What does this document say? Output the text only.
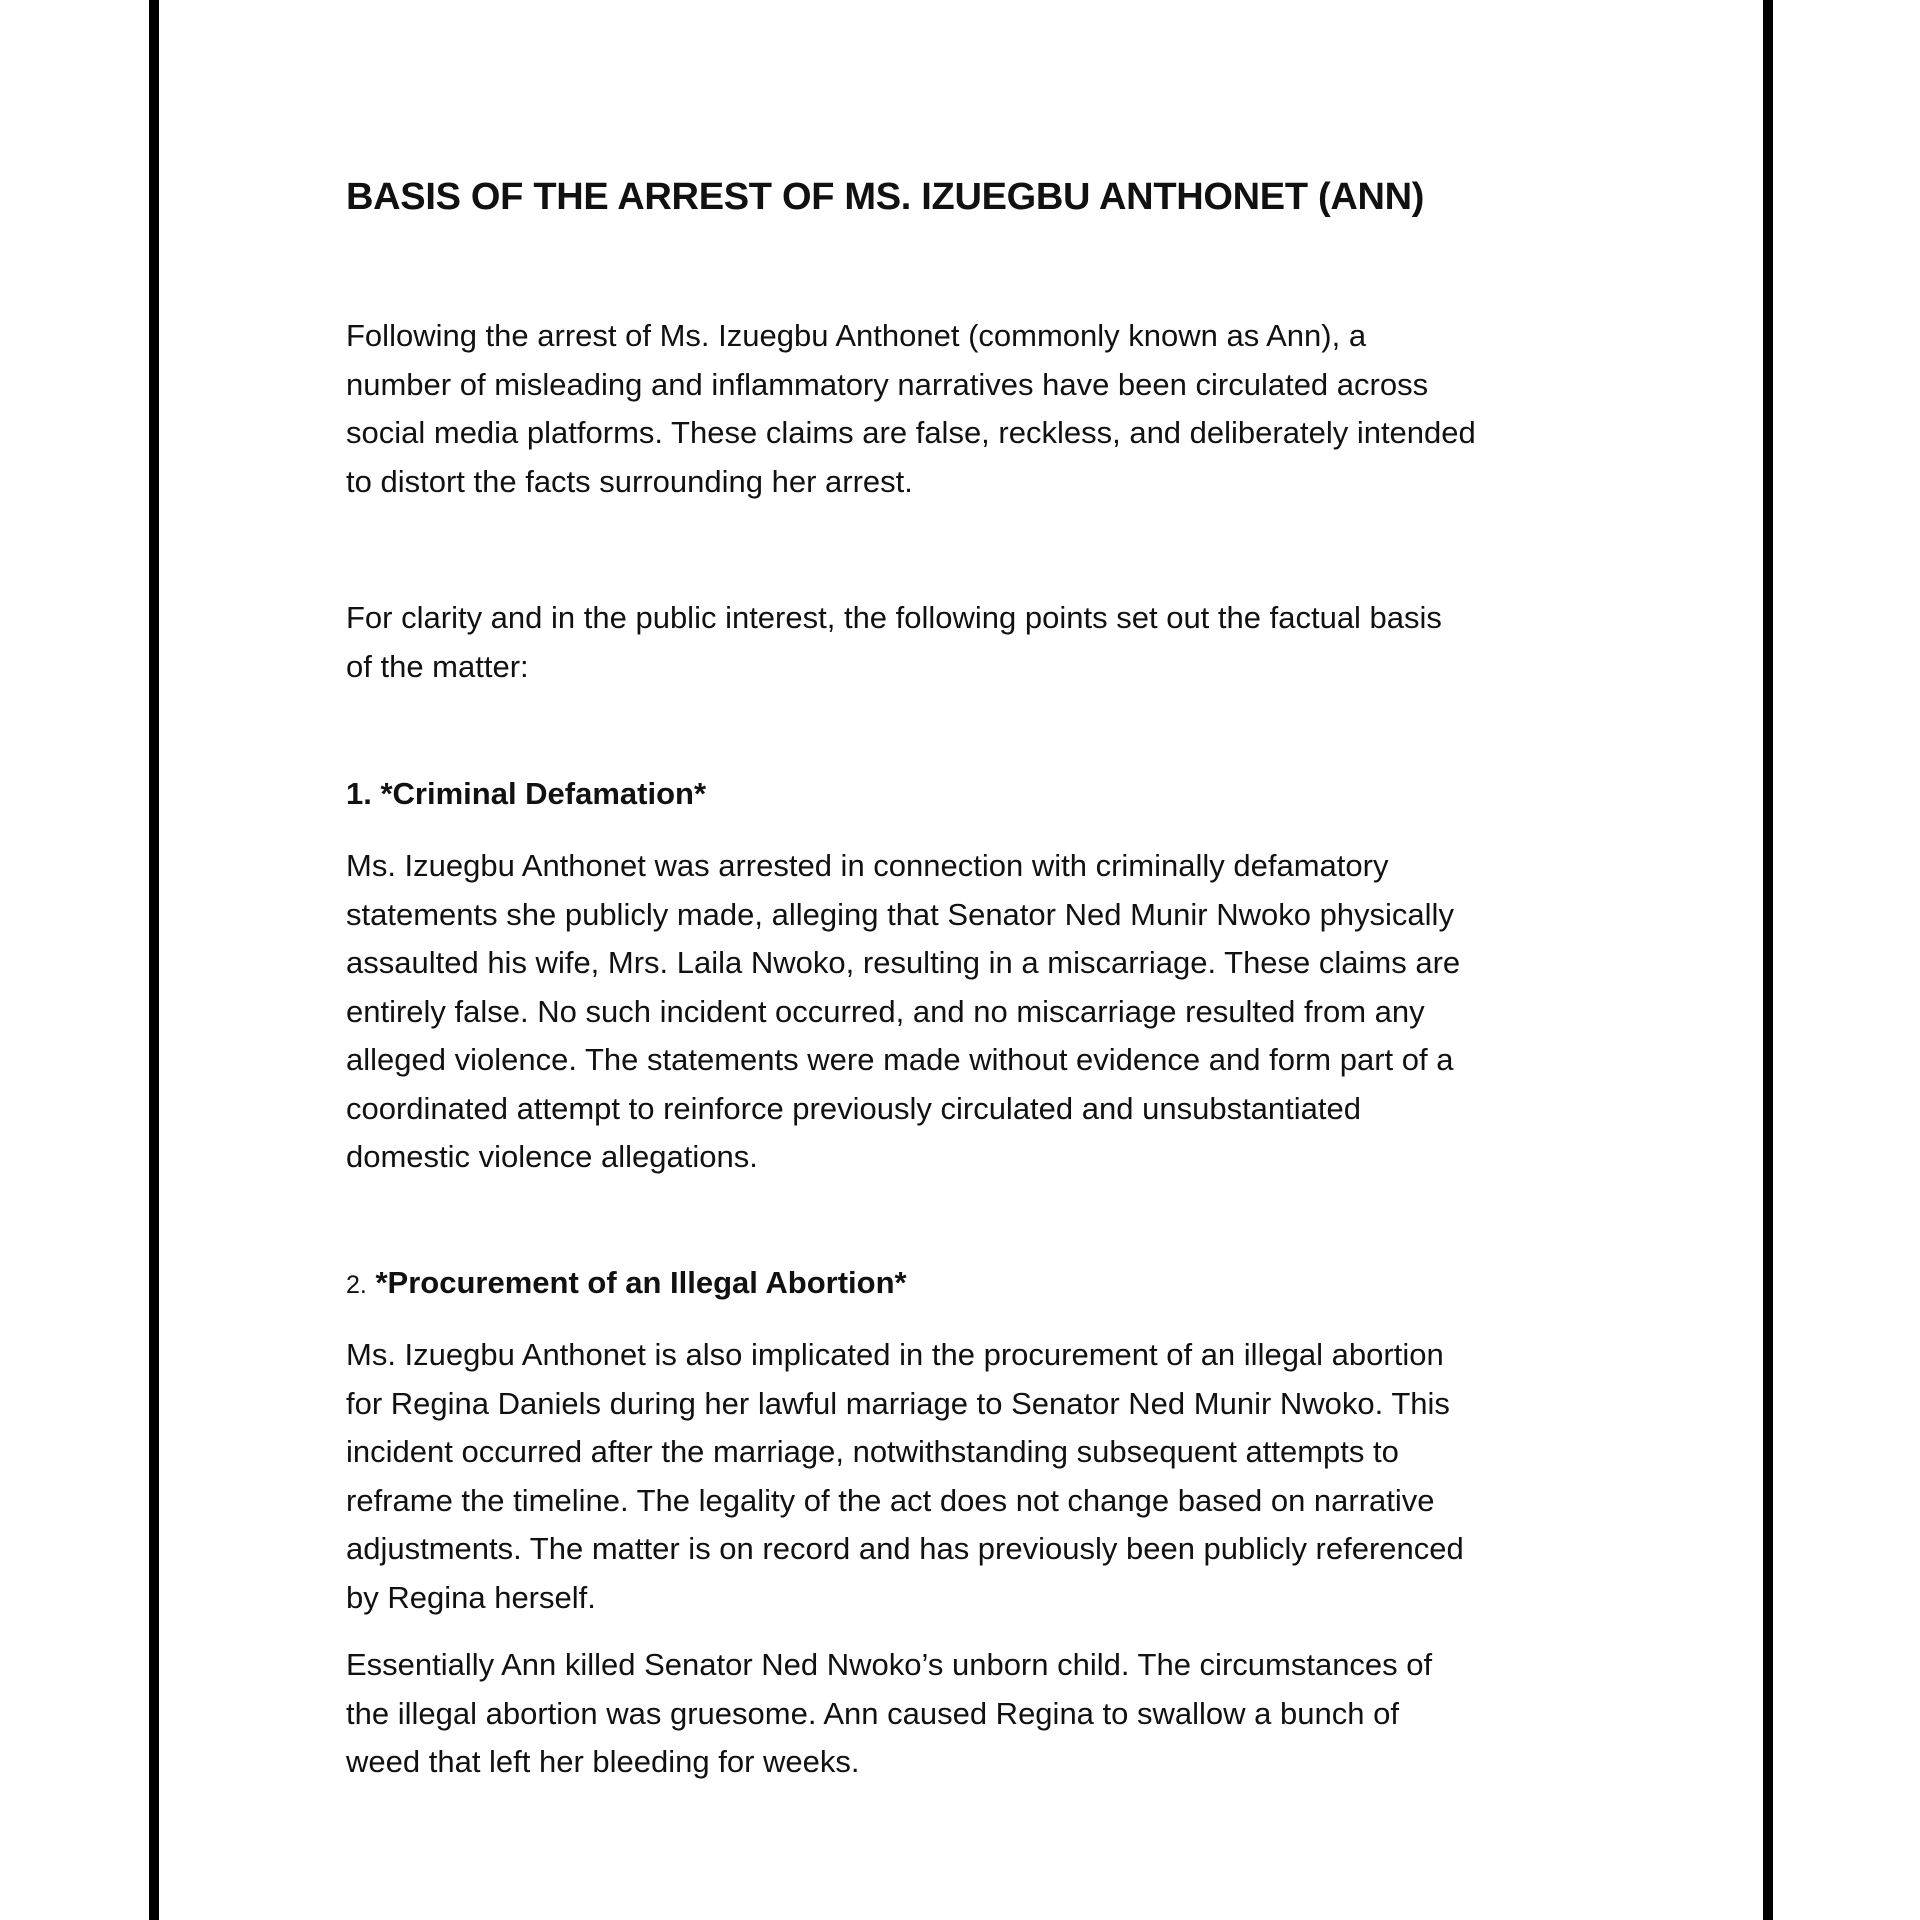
BASIS OF THE ARREST OF MS. IZUEGBU ANTHONET (ANN)

Following the arrest of Ms. Izuegbu Anthonet (commonly known as Ann), a
number of misleading and inflammatory narratives have been circulated across
social media platforms. These claims are false, reckless, and deliberately intended
to distort the facts surrounding her arrest.

For clarity and in the public interest, the following points set out the factual basis
of the matter:

1. *Criminal Defamation*

Ms. Izuegbu Anthonet was arrested in connection with criminally defamatory
statements she publicly made, alleging that Senator Ned Munir Nwoko physically
assaulted his wife, Mrs. Laila Nwoko, resulting in a miscarriage. These claims are
entirely false. No such incident occurred, and no miscarriage resulted from any
alleged violence. The statements were made without evidence and form part of a
coordinated attempt to reinforce previously circulated and unsubstantiated
domestic violence allegations.

2. *Procurement of an Illegal Abortion*

Ms. Izuegbu Anthonet is also implicated in the procurement of an illegal abortion
for Regina Daniels during her lawful marriage to Senator Ned Munir Nwoko. This
incident occurred after the marriage, notwithstanding subsequent attempts to
reframe the timeline. The legality of the act does not change based on narrative
adjustments. The matter is on record and has previously been publicly referenced
by Regina herself.

Essentially Ann killed Senator Ned Nwoko’s unborn child. The circumstances of
the illegal abortion was gruesome. Ann caused Regina to swallow a bunch of
weed that left her bleeding for weeks.
